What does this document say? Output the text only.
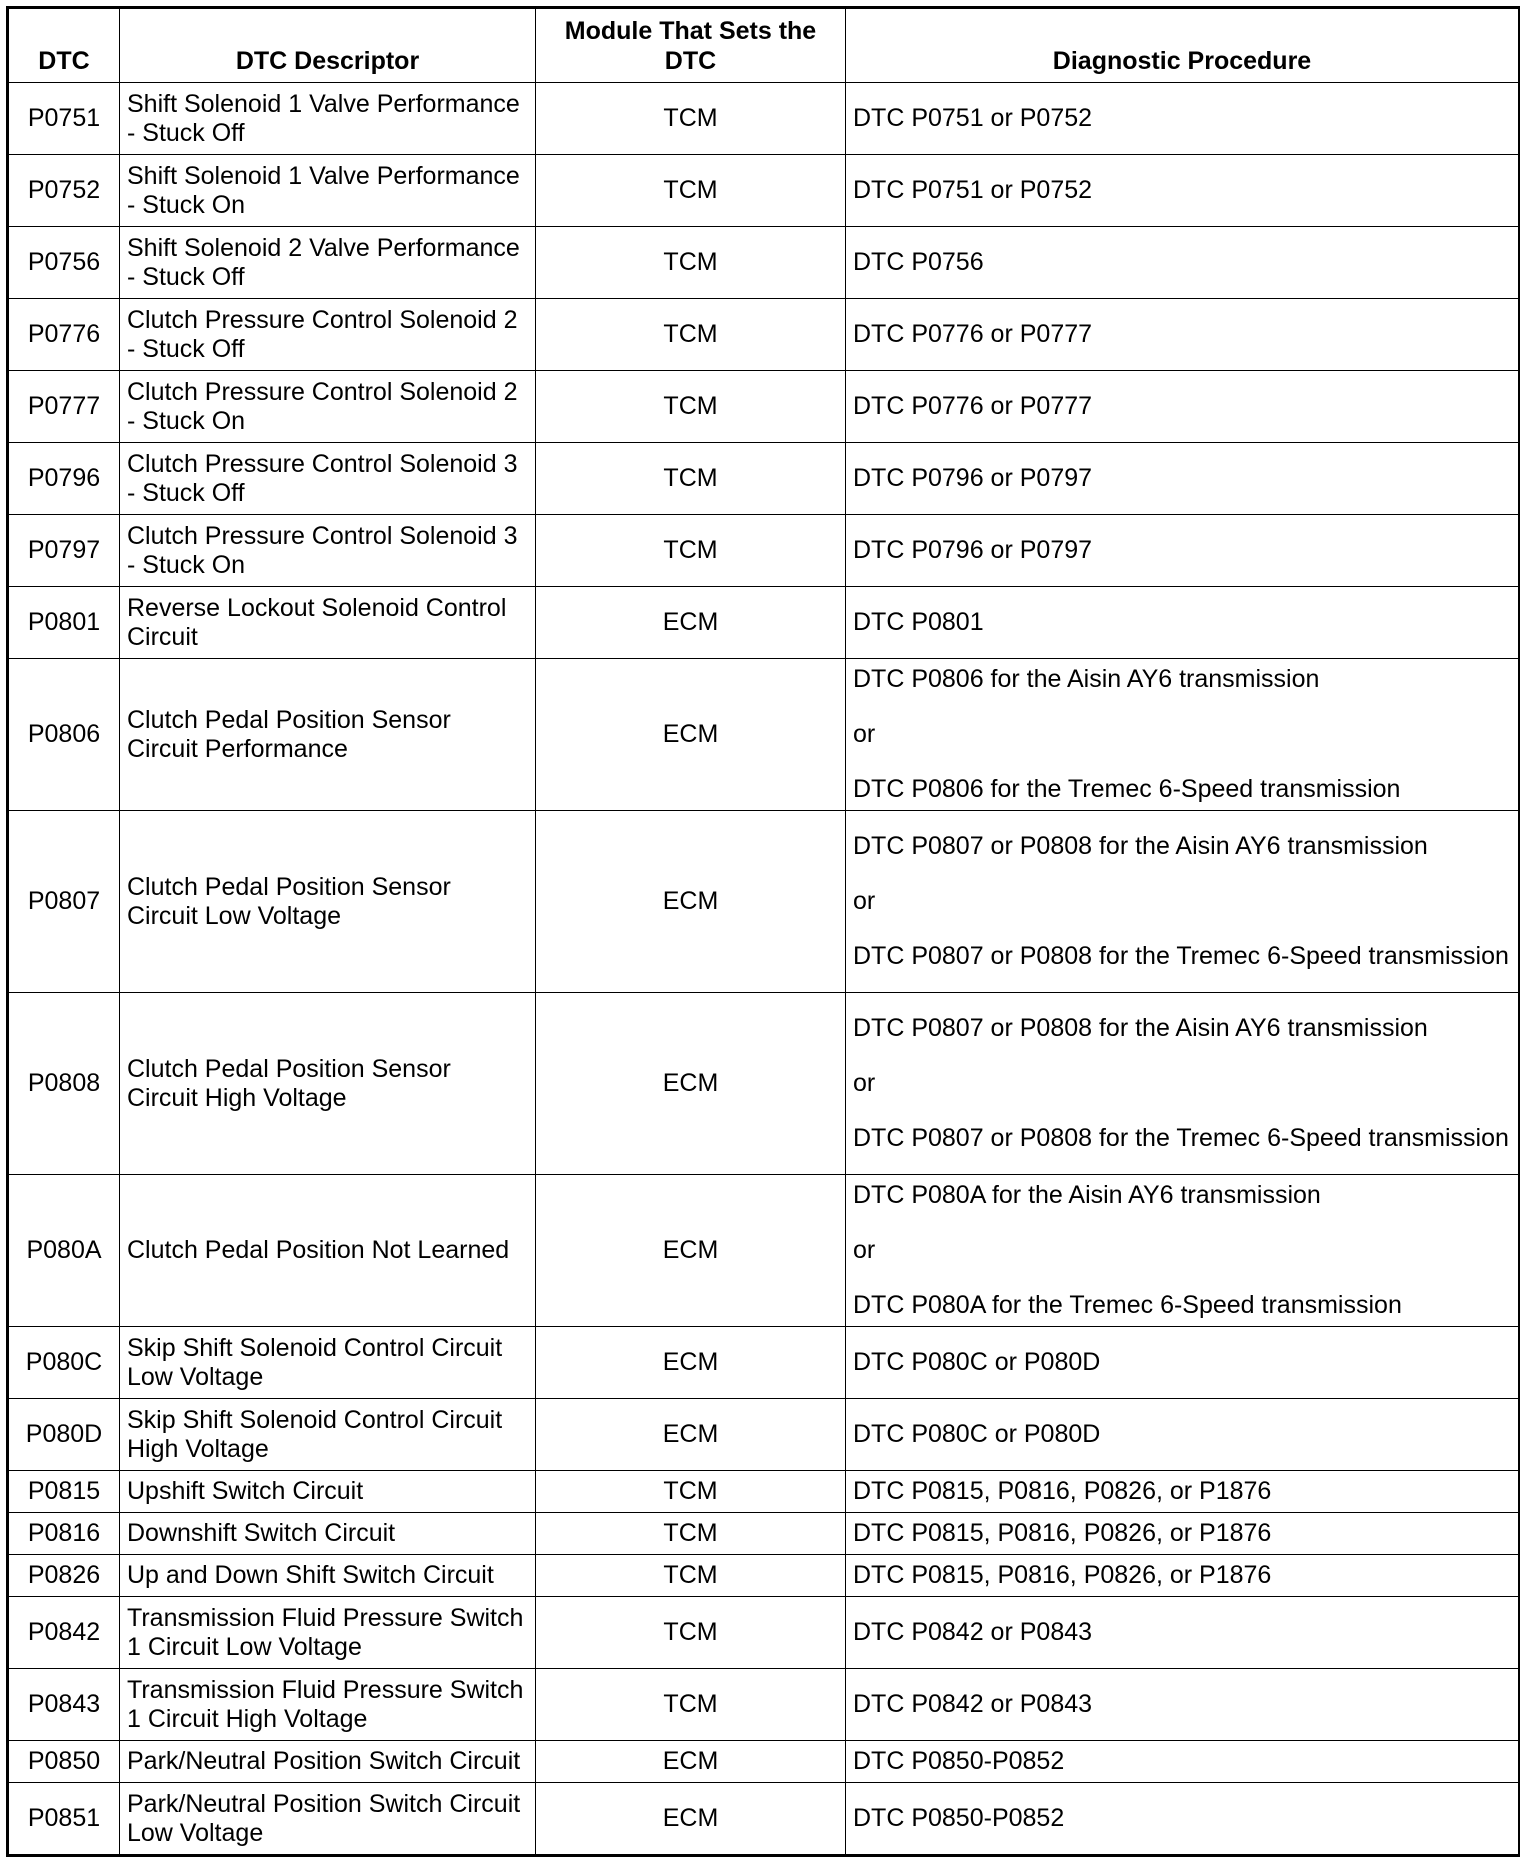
DTC	DTC Descriptor	Module That Sets the DTC	Diagnostic Procedure
P0751	Shift Solenoid 1 Valve Performance - Stuck Off	TCM	DTC P0751 or P0752

P0752	Shift Solenoid 1 Valve Performance - Stuck On	TCM	DTC P0751 or P0752

P0756	Shift Solenoid 2 Valve Performance - Stuck Off	TCM	DTC P0756

P0776	Clutch Pressure Control Solenoid 2 - Stuck Off	TCM	DTC P0776 or P0777

P0777	Clutch Pressure Control Solenoid 2 - Stuck On	TCM	DTC P0776 or P0777

P0796	Clutch Pressure Control Solenoid 3 - Stuck Off	TCM	DTC P0796 or P0797

P0797	Clutch Pressure Control Solenoid 3 - Stuck On	TCM	DTC P0796 or P0797

P0801	Reverse Lockout Solenoid Control Circuit	ECM	DTC P0801

P0806	Clutch Pedal Position Sensor Circuit Performance	ECM	DTC P0806 for the Aisin AY6 transmission
or
DTC P0806 for the Tremec 6-Speed transmission

P0807	Clutch Pedal Position Sensor Circuit Low Voltage	ECM	DTC P0807 or P0808 for the Aisin AY6 transmission
or
DTC P0807 or P0808 for the Tremec 6-Speed transmission

P0808	Clutch Pedal Position Sensor Circuit High Voltage	ECM	DTC P0807 or P0808 for the Aisin AY6 transmission
or
DTC P0807 or P0808 for the Tremec 6-Speed transmission

P080A	Clutch Pedal Position Not Learned	ECM	DTC P080A for the Aisin AY6 transmission
or
DTC P080A for the Tremec 6-Speed transmission

P080C	Skip Shift Solenoid Control Circuit Low Voltage	ECM	DTC P080C or P080D

P080D	Skip Shift Solenoid Control Circuit High Voltage	ECM	DTC P080C or P080D

P0815	Upshift Switch Circuit	TCM	DTC P0815, P0816, P0826, or P1876

P0816	Downshift Switch Circuit	TCM	DTC P0815, P0816, P0826, or P1876

P0826	Up and Down Shift Switch Circuit	TCM	DTC P0815, P0816, P0826, or P1876

P0842	Transmission Fluid Pressure Switch 1 Circuit Low Voltage	TCM	DTC P0842 or P0843

P0843	Transmission Fluid Pressure Switch 1 Circuit High Voltage	TCM	DTC P0842 or P0843

P0850	Park/Neutral Position Switch Circuit	ECM	DTC P0850-P0852

P0851	Park/Neutral Position Switch Circuit Low Voltage	ECM	DTC P0850-P0852
